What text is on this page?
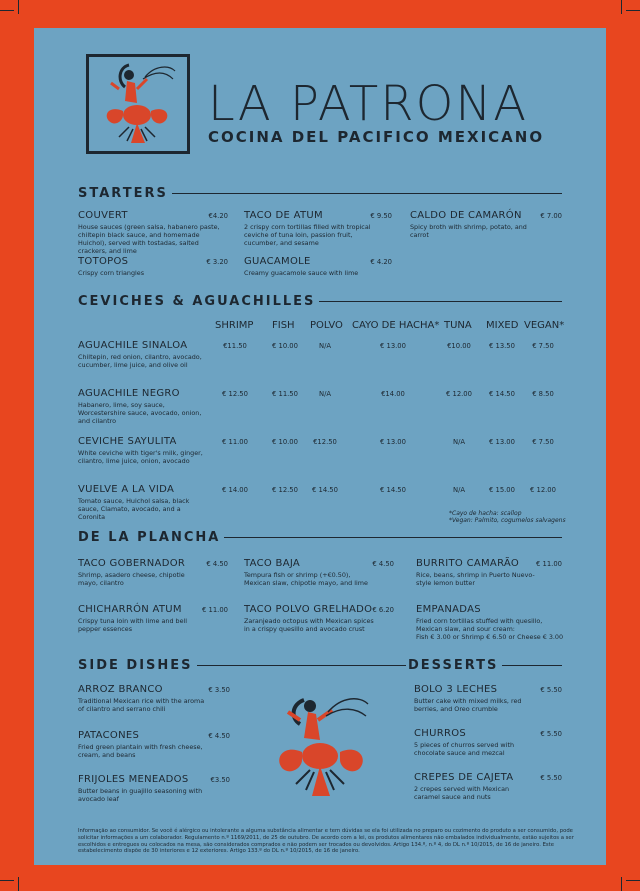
LA PATRONA
COCINA DEL PACIFICO MEXICANO
STARTERS
COUVERT
House sauces (green salsa, habanero paste, chiltepin black sauce, and homemade Huichol), served with tostadas, salted crackers, and lime
€4.20 TACO DE ATUM
2 crispy corn tortillas filled with tropical ceviche of tuna loin, passion fruit, cucumber, and sesame
€ 9.50 CALDO DE CAMARÓN
Spicy broth with shrimp, potato, and carrot
€ 7.00
TOTOPOS
Crispy corn triangles
€ 3.20 GUACAMOLE
Creamy guacamole sauce with lime
€ 4.20
CEVICHES & AGUACHILLES
SHRIMP FISH POLVO CAYO DE HACHA* TUNA MIXED VEGAN*
AGUACHILE SINALOA
Chiltepin, red onion, cilantro, avocado, cucumber, lime juice, and olive oil
€11.50	€ 10.00	N/A	€ 13.00	€10.00	€ 13.50	€ 7.50
AGUACHILE NEGRO
Habanero, lime, soy sauce, Worcestershire sauce, avocado, onion, and cilantro
€ 12.50	€ 11.50	N/A	€14.00	€ 12.00	€ 14.50	€ 8.50
CEVICHE SAYULITA
White ceviche with tiger's milk, ginger, cilantro, lime juice, onion, avocado
€ 11.00	€ 10.00	€12.50	€ 13.00	N/A	€ 13.00	€ 7.50
VUELVE A LA VIDA
Tomato sauce, Huichol salsa, black sauce, Clamato, avocado, and a Coronita
€ 14.00	€ 12.50	€ 14.50	€ 14.50	N/A	€ 15.00	€ 12.00
*Cayo de hacha: scallop
*Vegan: Palmito, cogumelos salvagens
DE LA PLANCHA
TACO GOBERNADOR
Shrimp, asadero cheese, chipotle mayo, cilantro
€ 4.50 TACO BAJA
Tempura fish or shrimp (+€0.50), Mexican slaw, chipotle mayo, and lime
€ 4.50 BURRITO CAMARÃO
Rice, beans, shrimp in Puerto Nuevo-style lemon butter
€ 11.00
CHICHARRÓN ATUM
Crispy tuna loin with lime and bell pepper essences
€ 11.00 TACO POLVO GRELHADO
Zaranjeado octopus with Mexican spices in a crispy quesillo and avocado crust
€ 6.20 EMPANADAS
Fried corn tortillas stuffed with quesillo, Mexican slaw, and sour cream:
Fish € 3.00 or Shrimp € 6.50 or Cheese € 3.00
SIDE DISHES	DESSERTS
ARROZ BRANCO
Traditional Mexican rice with the aroma of cilantro and serrano chili
€ 3.50
PATACONES
Fried green plantain with fresh cheese, cream, and beans
€ 4.50
FRIJOLES MENEADOS
Butter beans in guajillo seasoning with avocado leaf
€3.50
BOLO 3 LECHES
Butter cake with mixed milks, red berries, and Oreo crumble
€ 5.50
CHURROS
5 pieces of churros served with chocolate sauce and mezcal
€ 5.50
CREPES DE CAJETA
2 crepes served with Mexican caramel sauce and nuts
€ 5.50
Informação ao consumidor. Se você é alérgico ou intolerante a alguma substância alimentar e tem dúvidas se ela foi utilizada no preparo ou cozimento do produto a ser consumido, pode solicitar informações a um colaborador. Regulamento n.º 1169/2011, de 25 de outubro. De acordo com a lei, os produtos alimentares não embalados individualmente, estão sujeitos a ser escolhidos e entregues ou colocados na mesa, são considerados comprados e não podem ser trocados ou devolvidos. Artigo 134.º, n.º 4, do DL n.º 10/2015, de 16 de janeiro. Este estabelecimento dispõe de 30 interiores e 12 exteriores. Artigo 133.º do DL n.º 10/2015, de 16 de janeiro.
